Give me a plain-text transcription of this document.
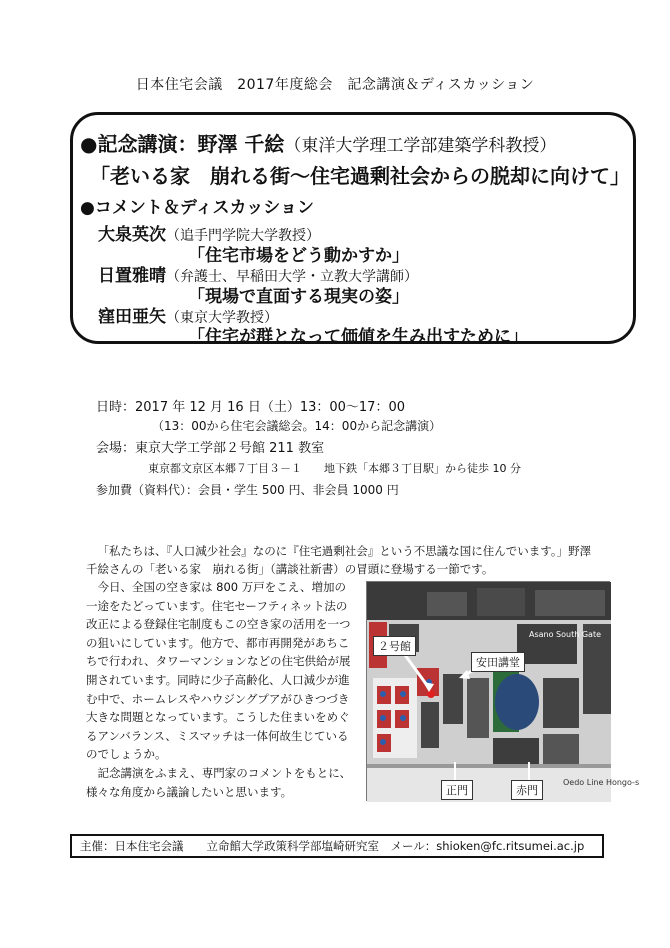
日本住宅会議　2017年度総会　記念講演＆ディスカッション
●記念講演：野澤 千絵（東洋大学理工学部建築学科教授）
「老いる家　崩れる街～住宅過剰社会からの脱却に向けて」
●コメント＆ディスカッション
大泉英次（追手門学院大学教授）
「住宅市場をどう動かすか」
日置雅晴（弁護士、早稲田大学・立教大学講師）
「現場で直面する現実の姿」
窪田亜矢（東京大学教授）
「住宅が群となって価値を生み出すために」
日時：2017 年 12 月 16 日（土）13：00～17：00
（13：00から住宅会議総会。14：00から記念講演）
会場：東京大学工学部２号館 211 教室
東京都文京区本郷７丁目３－１　　地下鉄「本郷３丁目駅」から徒歩 10 分
参加費（資料代）：会員・学生 500 円、非会員 1000 円

「私たちは、『人口減少社会』なのに『住宅過剰社会』という不思議な国に住んでいます。」野澤千絵さんの「老いる家　崩れる街」（講談社新書）の冒頭に登場する一節です。

今日、全国の空き家は 800 万戸をこえ、増加の一途をたどっています。住宅セーフティネット法の改正による登録住宅制度もこの空き家の活用を一つの狙いにしています。他方で、都市再開発があちこちで行われ、タワーマンションなどの住宅供給が展開されています。同時に少子高齢化、人口減少が進む中で、ホームレスやハウジングプアがひきつづき大きな問題となっています。こうした住まいをめぐるアンバランス、ミスマッチは一体何故生じているのでしょうか。

記念講演をふまえ、専門家のコメントをもとに、様々な角度から議論したいと思います。

Asano South Gate
Oedo Line Hongo-s
２号館
安田講堂
正門	赤門
主催：日本住宅会議　　立命館大学政策科学部塩崎研究室　メール：shioken@fc.ritsumei.ac.jp
